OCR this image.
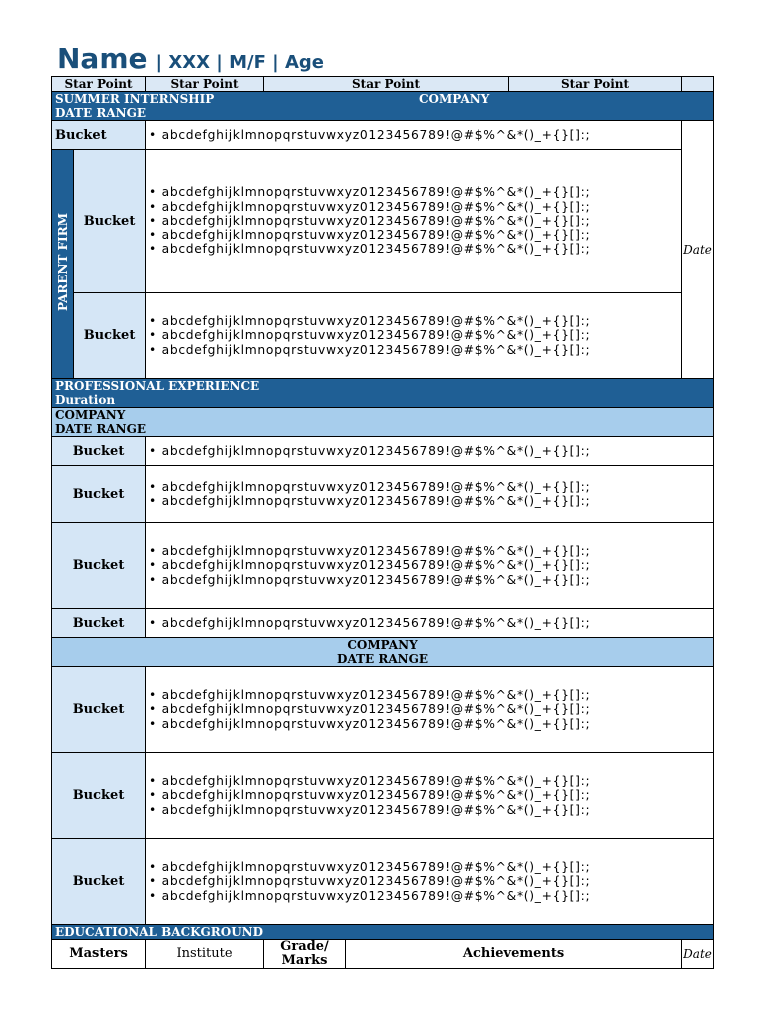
Name | XXX | M/F | Age
Star Point		Star Point	Star Point		Star Point	

SUMMER INTERNSHIP COMPANY
DATE RANGE						

Bucket		• abcdefghijklmnopqrstuvwxyz0123456789!@#$%^&*()_+{}[]:;				Date
PARENT FIRM	Bucket	• abcdefghijklmnopqrstuvwxyz0123456789!@#$%^&*()_+{}[]:;
• abcdefghijklmnopqrstuvwxyz0123456789!@#$%^&*()_+{}[]:;
• abcdefghijklmnopqrstuvwxyz0123456789!@#$%^&*()_+{}[]:;
• abcdefghijklmnopqrstuvwxyz0123456789!@#$%^&*()_+{}[]:;
• abcdefghijklmnopqrstuvwxyz0123456789!@#$%^&*()_+{}[]:;				

	Bucket	• abcdefghijklmnopqrstuvwxyz0123456789!@#$%^&*()_+{}[]:;
• abcdefghijklmnopqrstuvwxyz0123456789!@#$%^&*()_+{}[]:;
• abcdefghijklmnopqrstuvwxyz0123456789!@#$%^&*()_+{}[]:;				

PROFESSIONAL EXPERIENCE
Duration						

COMPANY
DATE RANGE						

Bucket		• abcdefghijklmnopqrstuvwxyz0123456789!@#$%^&*()_+{}[]:;				

Bucket		• abcdefghijklmnopqrstuvwxyz0123456789!@#$%^&*()_+{}[]:;
• abcdefghijklmnopqrstuvwxyz0123456789!@#$%^&*()_+{}[]:;				

Bucket		• abcdefghijklmnopqrstuvwxyz0123456789!@#$%^&*()_+{}[]:;
• abcdefghijklmnopqrstuvwxyz0123456789!@#$%^&*()_+{}[]:;
• abcdefghijklmnopqrstuvwxyz0123456789!@#$%^&*()_+{}[]:;				

Bucket		• abcdefghijklmnopqrstuvwxyz0123456789!@#$%^&*()_+{}[]:;				

COMPANY
DATE RANGE						

Bucket		• abcdefghijklmnopqrstuvwxyz0123456789!@#$%^&*()_+{}[]:;
• abcdefghijklmnopqrstuvwxyz0123456789!@#$%^&*()_+{}[]:;
• abcdefghijklmnopqrstuvwxyz0123456789!@#$%^&*()_+{}[]:;				

Bucket		• abcdefghijklmnopqrstuvwxyz0123456789!@#$%^&*()_+{}[]:;
• abcdefghijklmnopqrstuvwxyz0123456789!@#$%^&*()_+{}[]:;
• abcdefghijklmnopqrstuvwxyz0123456789!@#$%^&*()_+{}[]:;				

Bucket		• abcdefghijklmnopqrstuvwxyz0123456789!@#$%^&*()_+{}[]:;
• abcdefghijklmnopqrstuvwxyz0123456789!@#$%^&*()_+{}[]:;
• abcdefghijklmnopqrstuvwxyz0123456789!@#$%^&*()_+{}[]:;				

EDUCATIONAL BACKGROUND						
Masters		Institute	Grade/ Marks	Achievements		Date
